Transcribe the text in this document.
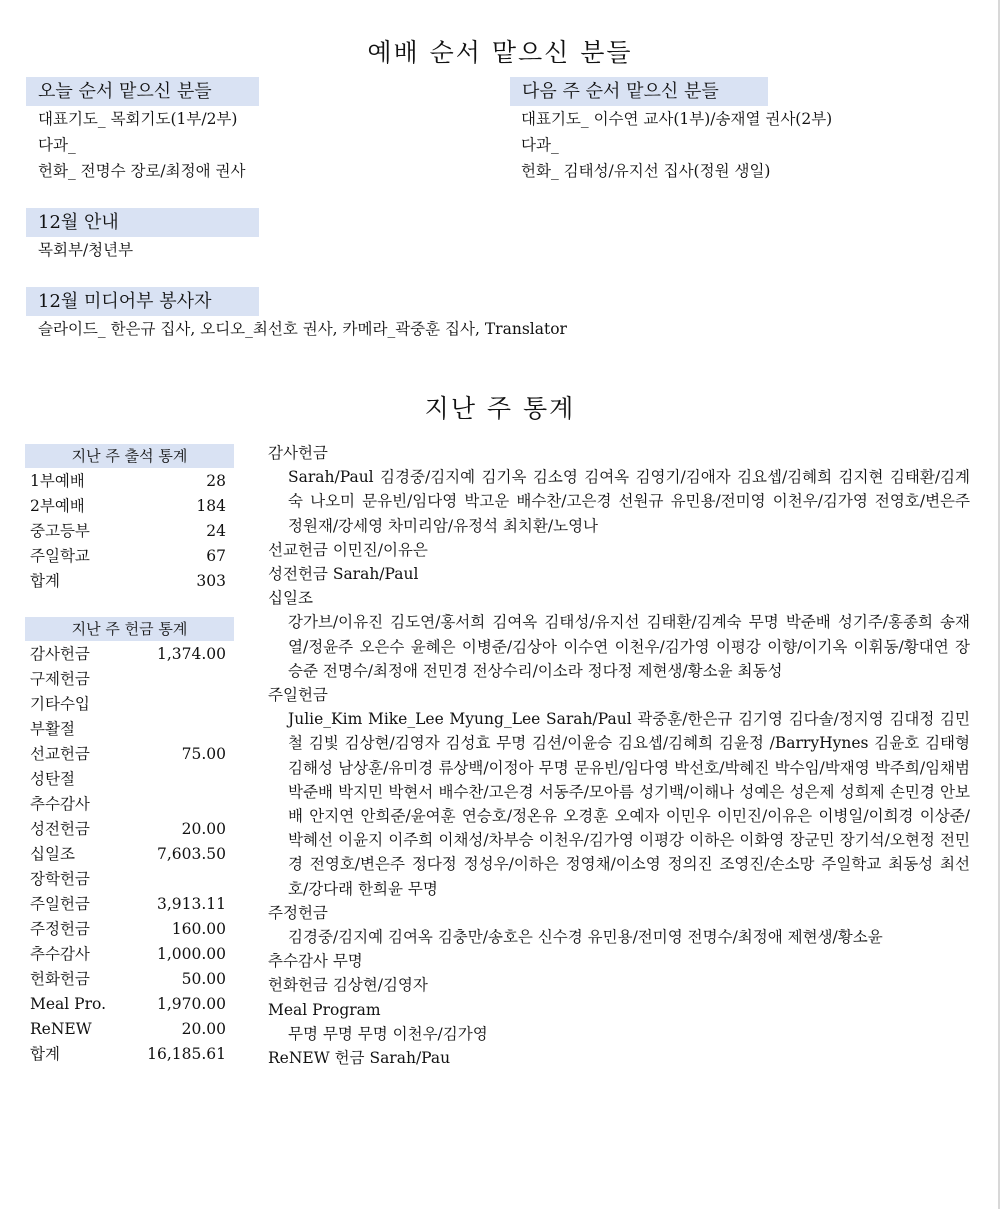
예배 순서 맡으신 분들
오늘 순서 맡으신 분들
대표기도_ 목회기도(1부/2부)
다과_
헌화_ 전명수 장로/최정애 권사
다음 주 순서 맡으신 분들
대표기도_ 이수연 교사(1부)/송재열 권사(2부)
다과_
헌화_ 김태성/유지선 집사(정원 생일)
12월 안내
목회부/청년부
12월 미디어부 봉사자
슬라이드_ 한은규 집사, 오디오_최선호 권사, 카메라_곽중훈 집사, Translator
지난 주 통계
지난 주 출석 통계
1부예배	28
2부예배	184
중고등부	24
주일학교	67
합계	303
지난 주 헌금 통계
감사헌금	1,374.00
구제헌금
기타수입
부활절
선교헌금	75.00
성탄절
추수감사
성전헌금	20.00
십일조	7,603.50
장학헌금
주일헌금	3,913.11
주정헌금	160.00
추수감사	1,000.00
헌화헌금	50.00
Meal Pro.	1,970.00
ReNEW	20.00
합계	16,185.61

감사헌금

Sarah/Paul 김경중/김지예 김기옥 김소영 김여옥 김영기/김애자 김요셉/김혜희 김지현 김태환/김계숙 나오미 문유빈/임다영 박고운 배수찬/고은경 선원규 유민용/전미영 이천우/김가영 전영호/변은주 정원재/강세영 차미리암/유정석 최치환/노영나

선교헌금 이민진/이유은

성전헌금 Sarah/Paul

십일조

강가브/이유진 김도연/홍서희 김여옥 김태성/유지선 김태환/김계숙 무명 박준배 성기주/홍종희 송재열/정윤주 오은수 윤혜은 이병준/김상아 이수연 이천우/김가영 이평강 이향/이기옥 이휘동/황대연 장승준 전명수/최정애 전민경 전상수리/이소라 정다정 제현생/황소윤 최동성

주일헌금

Julie_Kim Mike_Lee Myung_Lee Sarah/Paul 곽중훈/한은규 김기영 김다솔/정지영 김대정 김민철 김빛 김상현/김영자 김성효 무명 김션/이윤승 김요셉/김혜희 김윤정 /BarryHynes 김윤호 김태형 김해성 남상훈/유미경 류상백/이정아 무명 문유빈/임다영 박선호/박혜진 박수임/박재영 박주희/임채범 박준배 박지민 박현서 배수찬/고은경 서동주/모아름 성기백/이해나 성예은 성은제 성희제 손민경 안보배 안지연 안희준/윤여훈 연승호/정온유 오경훈 오예자 이민우 이민진/이유은 이병일/이희경 이상준/박혜선 이윤지 이주희 이채성/차부승 이천우/김가영 이평강 이하은 이화영 장군민 장기석/오현정 전민경 전영호/변은주 정다정 정성우/이하은 정영채/이소영 정의진 조영진/손소망 주일학교 최동성 최선호/강다래 한희윤 무명

주정헌금

김경중/김지예 김여옥 김충만/송호은 신수경 유민용/전미영 전명수/최정애 제현생/황소윤

추수감사 무명

헌화헌금 김상현/김영자

Meal Program

무명 무명 무명 이천우/김가영

ReNEW 헌금 Sarah/Pau
